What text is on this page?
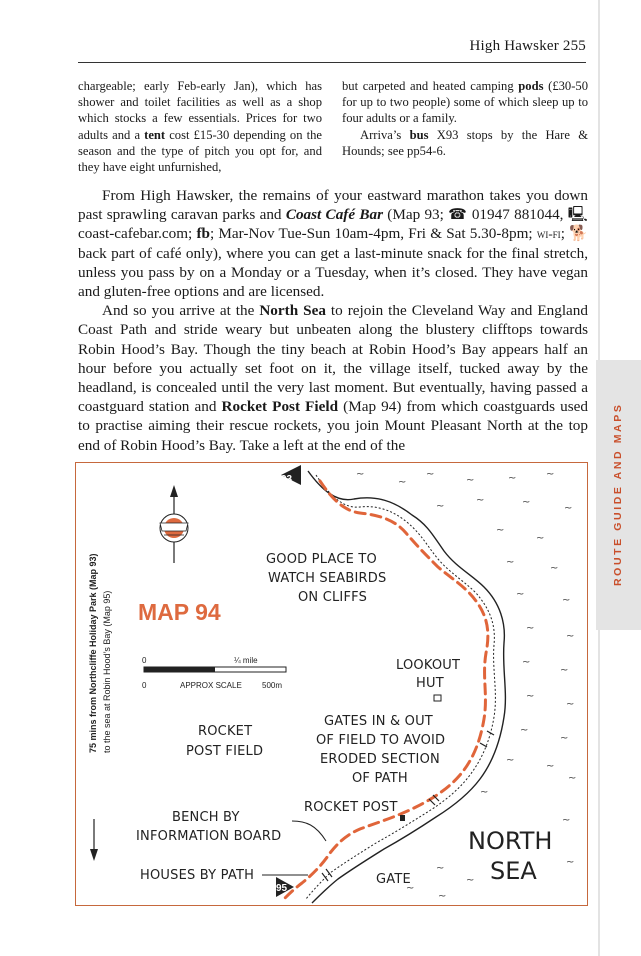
High Hawsker 255

chargeable; early Feb-early Jan), which has shower and toilet facilities as well as a shop which stocks a few essentials. Prices for two adults and a tent cost £15-30 depending on the season and the type of pitch you opt for, and they have eight unfurnished,

but carpeted and heated camping pods (£30-50 for up to two people) some of which sleep up to four adults or a family.

Arriva’s bus X93 stops by the Hare & Hounds; see pp54-6.

From High Hawsker, the remains of your eastward marathon takes you down past sprawling caravan parks and Coast Café Bar (Map 93; ☎ 01947 881044, 🖳 coast-cafebar.com; fb; Mar-Nov Tue-Sun 10am-4pm, Fri & Sat 5.30-8pm; wi-fi; 🐕 back part of café only), where you can get a last-minute snack for the final stretch, unless you pass by on a Monday or a Tuesday, when it’s closed. They have vegan and gluten-free options and are licensed.

And so you arrive at the North Sea to rejoin the Cleveland Way and England Coast Path and stride weary but unbeaten along the blustery clifftops towards Robin Hood’s Bay. Though the tiny beach at Robin Hood’s Bay appears half an hour before you actually set foot on it, the village itself, tucked away by the headland, is concealed until the very last moment. But eventually, having passed a coastguard station and Rocket Post Field (Map 94) from which coastguards used to practise aiming their rescue rockets, you join Mount Pleasant North at the top end of Robin Hood’s Bay. Take a left at the end of the	ROUTE GUIDE AND MAPS
75 mins from Northcliffe Holiday Park (Map 93) to the sea at Robin Hood’s Bay (Map 95) MAP 94
0	¼ mile
0	APPROX SCALE	500m
93
95
~
~
~
~	~	~
~
~	~
~
~
~
~
~
~
~
~
~
~
~
~
~
~
~
~
~
~
~
~
~
~
~
~
~
GOOD PLACE TO
WATCH SEABIRDS
ON CLIFFS
LOOKOUT
HUT
ROCKET
POST FIELD
GATES IN & OUT
OF FIELD TO AVOID
ERODED SECTION
OF PATH
ROCKET POST
BENCH BY
INFORMATION BOARD
HOUSES BY PATH	GATE
NORTH
SEA
